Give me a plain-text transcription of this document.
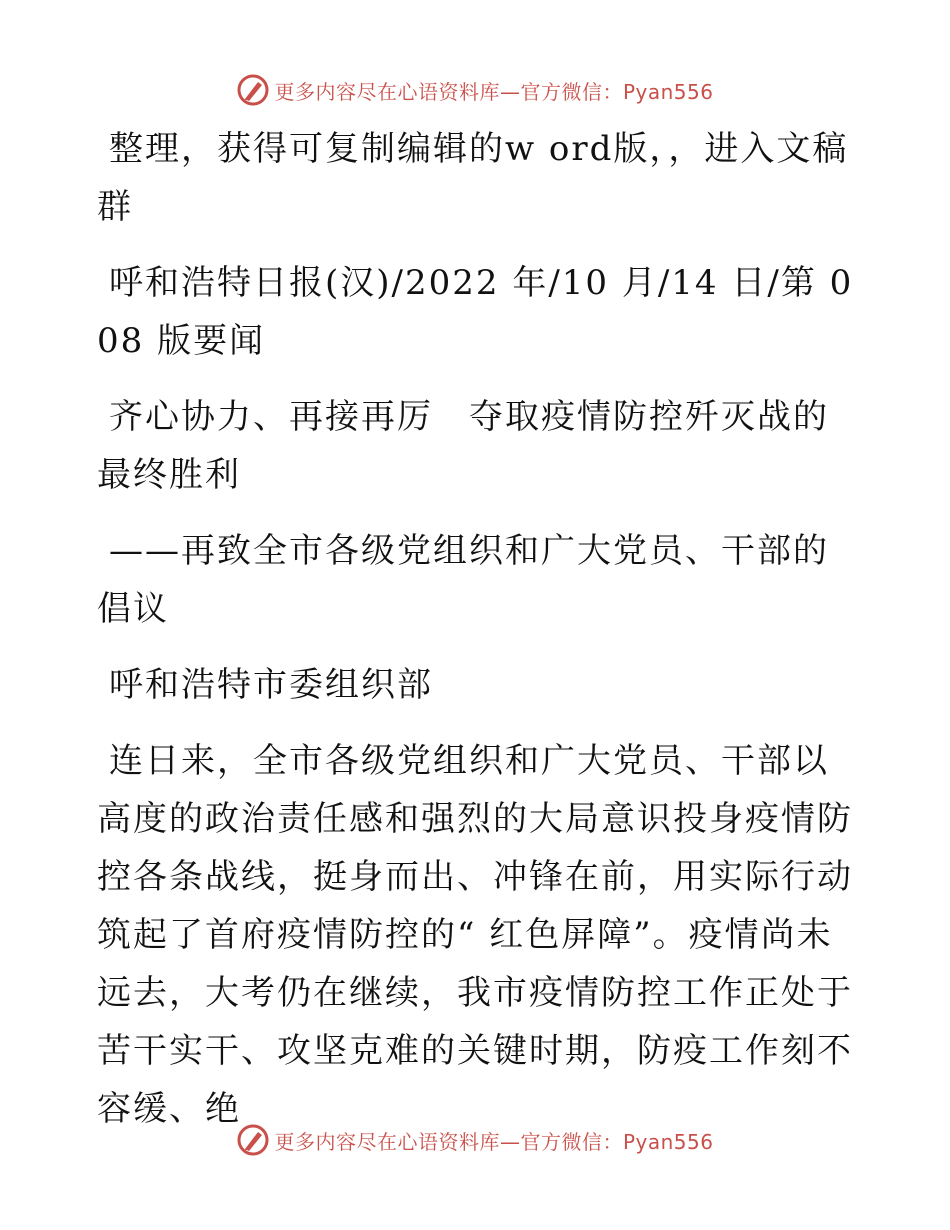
更多内容尽在心语资料库—官方微信：Pyan556

整理，获得可复制编辑的w ord版，，进入文稿群

呼和浩特日报(汉)/2022 年/10 月/14 日/第 008 版要闻

齐心协力、再接再厉　夺取疫情防控歼灭战的最终胜利

——再致全市各级党组织和广大党员、干部的倡议

呼和浩特市委组织部

连日来，全市各级党组织和广大党员、干部以高度的政治责任感和强烈的大局意识投身疫情防控各条战线，挺身而出、冲锋在前，用实际行动筑起了首府疫情防控的“ 红色屏障”。疫情尚未远去，大考仍在继续，我市疫情防控工作正处于苦干实干、攻坚克难的关键时期，防疫工作刻不容缓、绝

更多内容尽在心语资料库—官方微信：Pyan556
